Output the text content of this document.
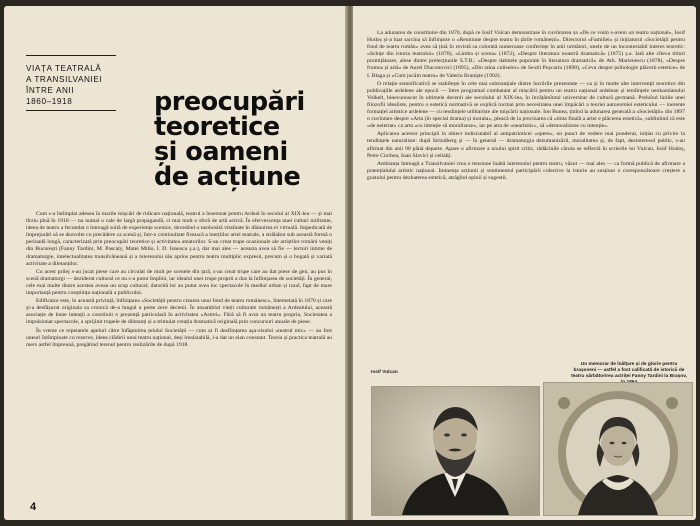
VIAȚA TEATRALĂ
A TRANSILVANIEI
ÎNTRE ANII
1860–1918	preocupări
teoretice
și oameni
de acțiune

Cum s-a întîmplat adesea în marile mișcări de ridicare națională, teatrul a însemnat pentru Ardeal în secolul al XIX-lea — și mai tîrziu pînă în 1918 — nu numai o cale de largă propagandă, ci mai mult o sferă de artă activă. În efervescența unei culturi militante, ideea de teatru a fecundat o întreagă suită de experiențe scenice, dovedind o neobosită vitalitate în dăinuirea ei virtuală. Impedicată de împrejurări să se dezvolte cu precădere ca scenă și, într-o continuitate firească a inerțiilor artei teatrale, a străbătut sub această formă o perioadă lungă, caracterizată prin preocupări teoretice și activitatea amatorilor. S-au creat trupe ocazionale ale artiștilor români veniți din București (Fanny Tardini, M. Pascaly, Matei Millo, I. D. Ionescu ș.a.), dar mai ales — aceasta avea să fie — lecturi intime de dramaturgie, intelectualitatea transilvăneană și a interesului său aprins pentru teatru multiplic expresii, precum și o bogată și variată activitate a diletanților.

Cu acest prilej s-au jucat piese care au circulat de mult pe scenele din țară, s-au creat trupe care au dat piese de gen, au pus în scenă dramaturgi — deziderat cultural ce nu s-a putut împlini, iar idealul unei trupe proprii a dus la înființarea de societăți. În general, cele mai multe dintre acestea aveau un scop cultural; datorită lor au putut avea loc spectacole în mediul urban și rural, fapt de mare importanță pentru conștiința națională a publicului.

Edificator este, în această privință, înființarea «Societății pentru crearea unui fond de teatru românesc», întemeiată în 1870 și care și-a desfășurat originala sa cronică de-a lungul a peste zece decenii. În ansamblul vieții culturale românești a Ardealului, această asociație de bune intenții a constituit o prezență particulară în activitatea «Astrei». Fără să fi avut un teatru propriu, Societatea a impulsionat spectacole, a sprijinit trupele de diletanți și a stimulat creația dramatică originală prin concursuri anuale de piese.

În vreme ce repetatele apeluri către înfăptuirea țelului Societății — cum ar fi desființarea aşa-zisului «teatrul mic» — au fost uneori întîmpinate cu rezerve, ideea clădirii unui teatru național, deși irealizabilă, i-a dat un elan constant. Teoria și practica teatrală au mers astfel împreună, pregătind terenul pentru realizările de după 1918.

4

La adunarea de constituire din 1870, după ce Iosif Vulcan demonstrase în cuvîntarea sa «De ce voim s-avem un teatru național», Iosif Hodoș și-a luat sarcina să înființeze o «Reuniune despre teatru în țările românești». Directorul «Familiei» și inițiatorul «Societății pentru fond de teatru român» avea să țină în revistă sa colorată numeroase conferințe în anii următori, unele de un incontestabil interes teoretic: «Schițe din istoria teatrului» (1870), «Limba și scena» (1872), «Despre literatura noastră dramatică» (1875) ș.a. Iată alte cîteva titluri promițătoare, alese dintre prelecțiunile S.T.R.: «Despre datinele poporale în literatura dramatică» de Ath. Marienescu (1878), «Despre frumos și artă» de Aurel Diaconovici (1895), «Din taina culiselor» de Sextil Pușcariu (1898), «Ceva despre psihologie plăcerii estetice» de I. Blaga și «Cum jucăm teatru» de Valeriu Branişte (1902).

O relație semnificativă se stabilește în cele mai substanțiale dintre lucrările prezentate — ca și în multe alte intervenții teoretice din publicațiile ardelene ale epocii — între programul combatant al mișcării pentru un teatru național ardelean și tendințele neokantianului Volkelt, binecunoscut în ultimele decenii ale secolului al XIX-lea, în învățămîntul universitar de cultură germană. Preluînd liniile unei filozofii idealiste, pentru o estetică normativă se explică tocmai prin necesitatea unei împăcări a teoriei autonomiei esteticului — inerente formației artistice ardelene — cu tendințele utilitariste ale mișcării naționale. Ion Bunea, ținînd la adunarea generală a «Societății» din 1897 o cuvîntare despre «Arta (în special drama) și morala», pleacă de la precizarea că «tinta finală a artei e plăcerea estetică», subliniind că este «de neiertat» ca arta «cu intenție să moralizeze», iar pe arta de «neartistic», să «demoralizeze cu intenție».

Aplicarea acestor principii la obiect indiscutabil al antipatrioticei «opere», un punct de vedere mai ponderat, inițiat cu privire la tendințele naturaliste: după Strindberg și — în general — dramaturgia dezumanizării, moralitatea și, de fapt, dezinteresul public, s-au afirmat din anii 90 până departe. Apare o afirmare a noului spirit critic, rădăcinile căruia se reflectă în scrierile lui Vulcan, Iosif Hodoș, Petre Ciorbea, Ioan Slavici și ceilalți.

Ambianța întreagă a Transilvaniei crea o tensiune înaltă interesului pentru teatru, văzut — mai ales — ca formă publică de afirmare a potențialului artistic național. Iminența acțiunii și sentimentul participării colective la istorie au susținut o corespunzătoare creștere a gustului pentru dezbaterea estetică, atrăgînd opinii și sugestii.

Iosif Vulcan
Un memorar de înălțare și de glorie pentru brașoveni — astfel a fost calificată de istoricii de teatru sărbătorirea actriței Fanny Tardini la Brașov,
